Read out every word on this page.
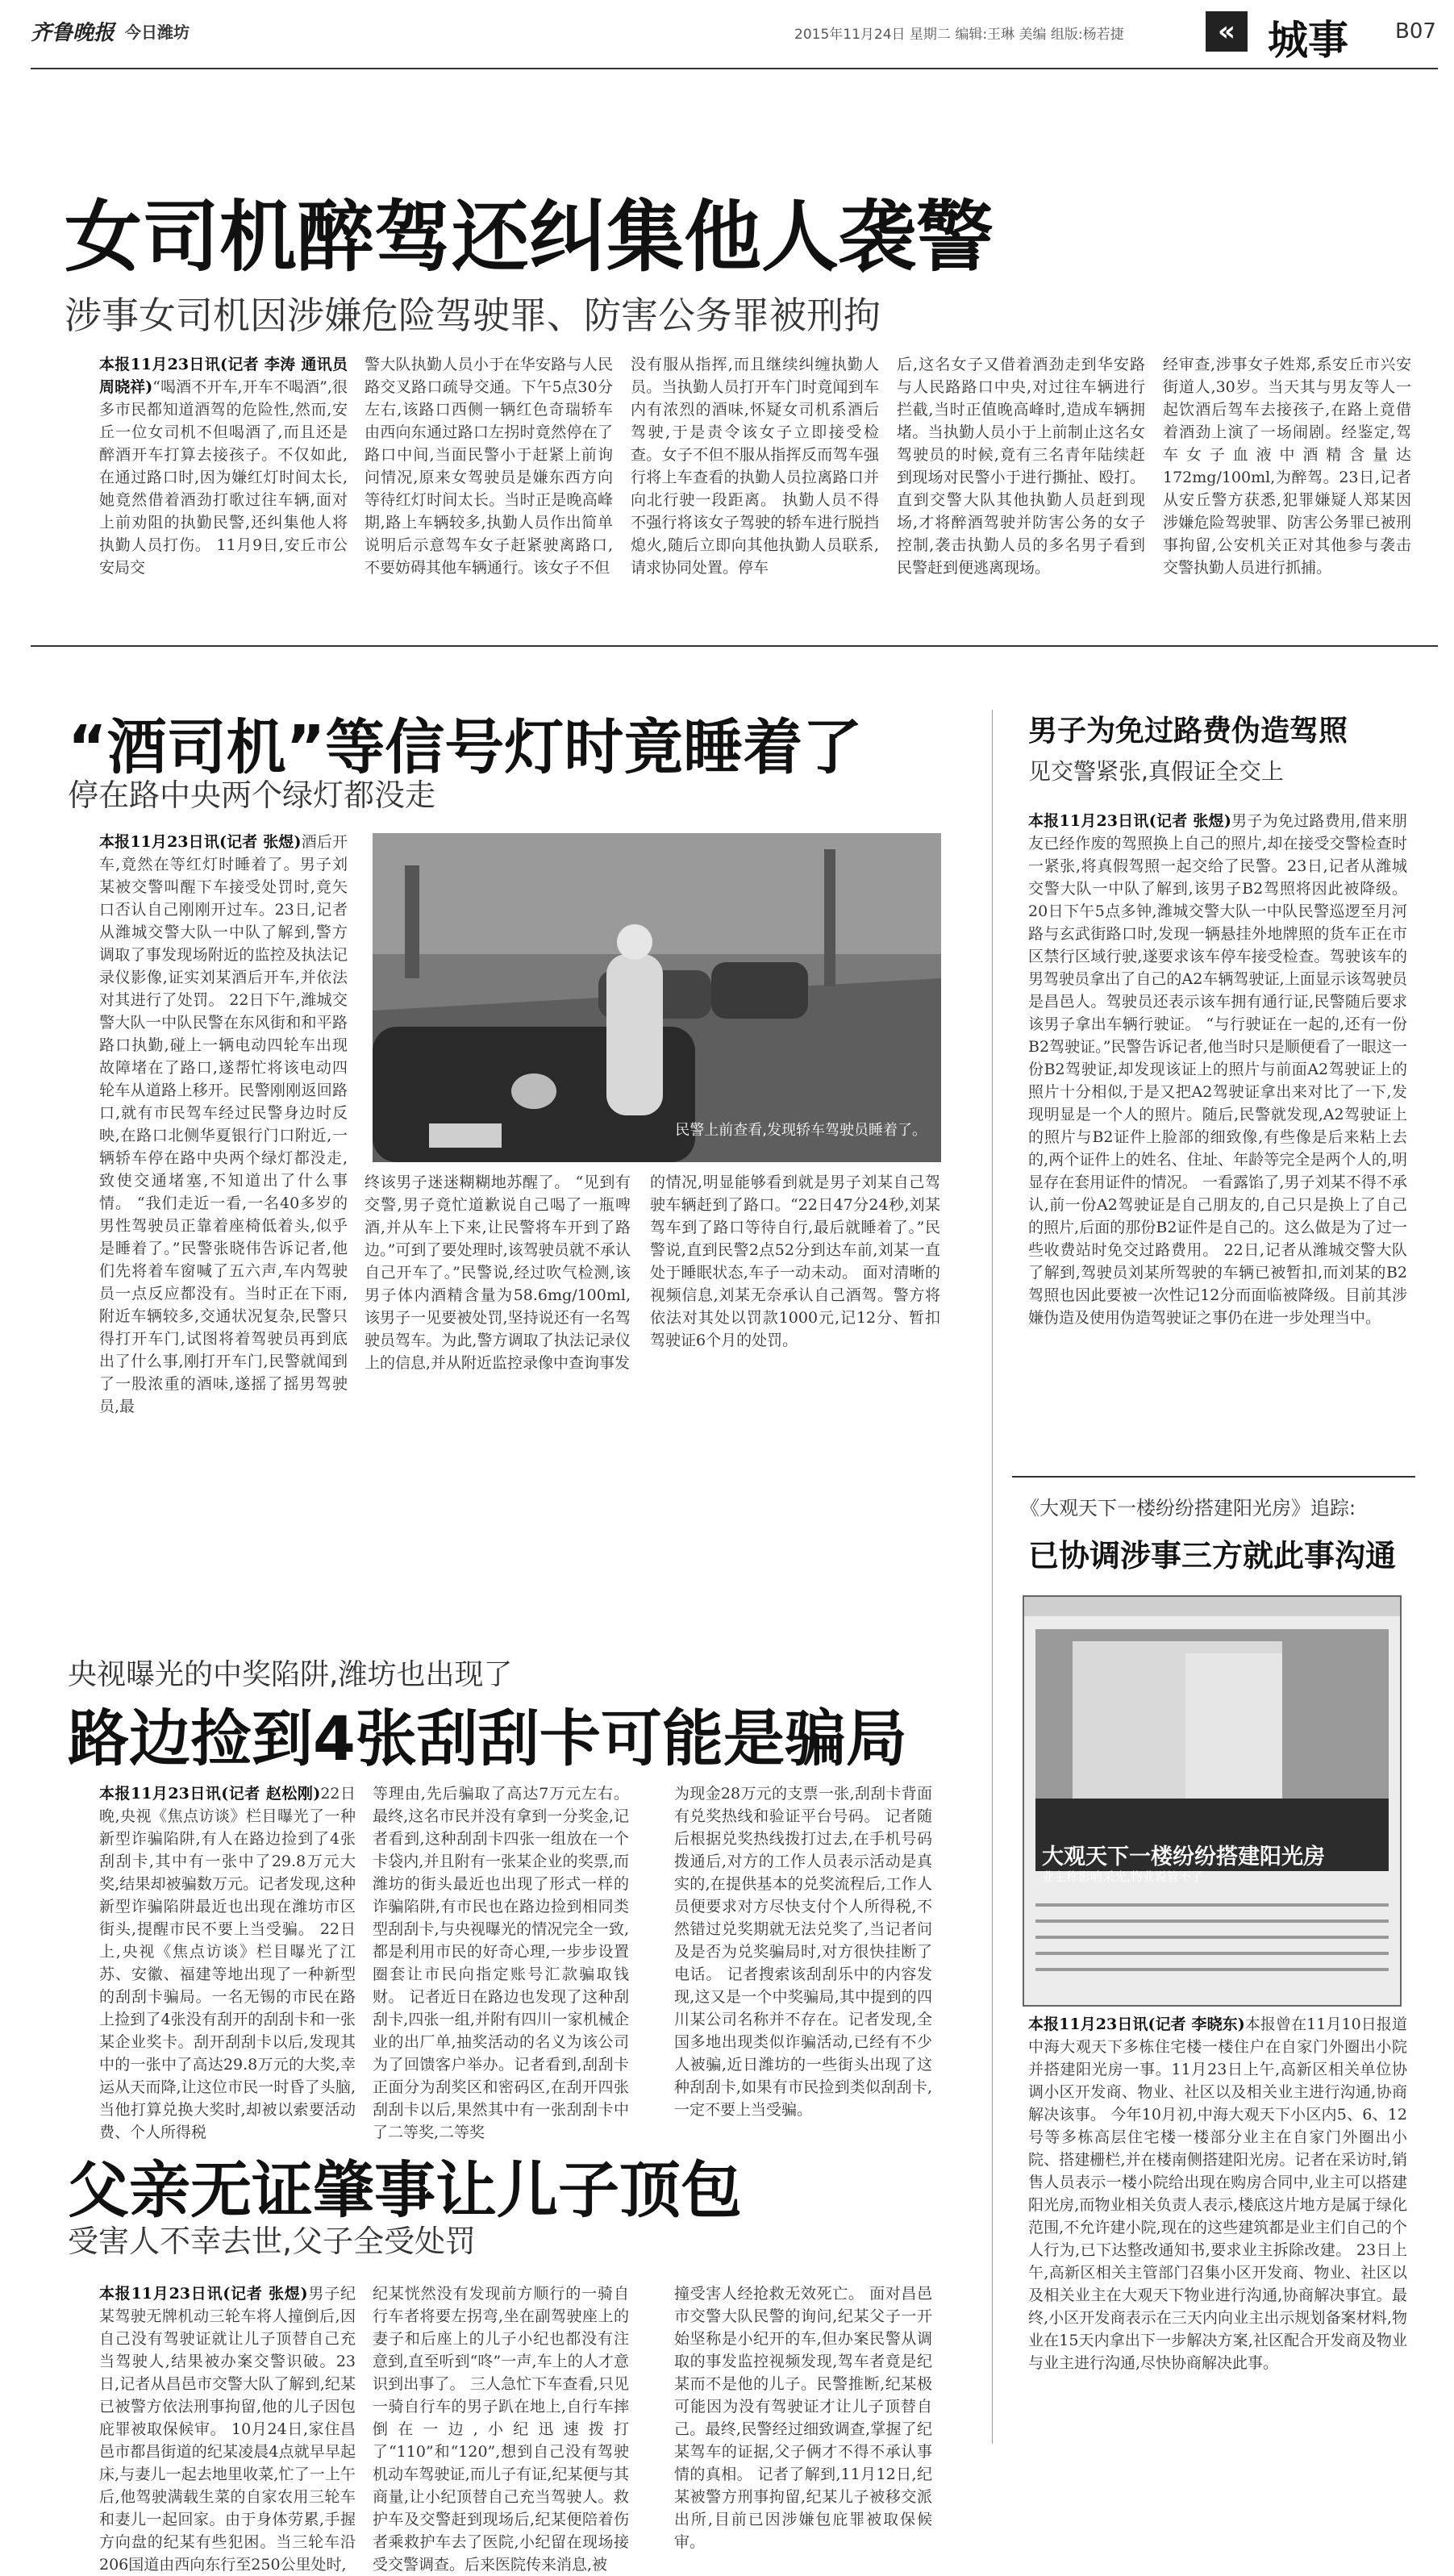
齐鲁晚报 今日潍坊	2015年11月24日 星期二 编辑:王琳 美编 组版:杨若捷	« 城事 B07
女司机醉驾还纠集他人袭警
涉事女司机因涉嫌危险驾驶罪、防害公务罪被刑拘
本报11月23日讯(记者 李涛 通讯员 周晓祥)“喝酒不开车,开车不喝酒”,很多市民都知道酒驾的危险性,然而,安丘一位女司机不但喝酒了,而且还是醉酒开车打算去接孩子。不仅如此,在通过路口时,因为嫌红灯时间太长,她竟然借着酒劲打歌过往车辆,面对上前劝阻的执勤民警,还纠集他人将执勤人员打伤。 11月9日,安丘市公安局交
警大队执勤人员小于在华安路与人民路交叉路口疏导交通。下午5点30分左右,该路口西侧一辆红色奇瑞轿车由西向东通过路口左拐时竟然停在了路口中间,当面民警小于赶紧上前询问情况,原来女驾驶员是嫌东西方向等待红灯时间太长。当时正是晚高峰期,路上车辆较多,执勤人员作出简单说明后示意驾车女子赶紧驶离路口,不要妨碍其他车辆通行。该女子不但
没有服从指挥,而且继续纠缠执勤人员。当执勤人员打开车门时竟闻到车内有浓烈的酒味,怀疑女司机系酒后驾驶,于是责令该女子立即接受检查。女子不但不服从指挥反而驾车强行将上车查看的执勤人员拉离路口并向北行驶一段距离。 执勤人员不得不强行将该女子驾驶的轿车进行脱挡熄火,随后立即向其他执勤人员联系,请求协同处置。停车
后,这名女子又借着酒劲走到华安路与人民路路口中央,对过往车辆进行拦截,当时正值晚高峰时,造成车辆拥堵。当执勤人员小于上前制止这名女驾驶员的时候,竟有三名青年陆续赶到现场对民警小于进行撕扯、殴打。直到交警大队其他执勤人员赶到现场,才将醉酒驾驶并防害公务的女子控制,袭击执勤人员的多名男子看到民警赶到便逃离现场。
经审查,涉事女子姓郑,系安丘市兴安街道人,30岁。当天其与男友等人一起饮酒后驾车去接孩子,在路上竟借着酒劲上演了一场闹剧。经鉴定,驾车女子血液中酒精含量达172mg/100ml,为醉驾。23日,记者从安丘警方获悉,犯罪嫌疑人郑某因涉嫌危险驾驶罪、防害公务罪已被刑事拘留,公安机关正对其他参与袭击交警执勤人员进行抓捕。
“酒司机”等信号灯时竟睡着了
停在路中央两个绿灯都没走
本报11月23日讯(记者 张煜)酒后开车,竟然在等红灯时睡着了。男子刘某被交警叫醒下车接受处罚时,竟矢口否认自己刚刚开过车。23日,记者从潍城交警大队一中队了解到,警方调取了事发现场附近的监控及执法记录仪影像,证实刘某酒后开车,并依法对其进行了处罚。 22日下午,潍城交警大队一中队民警在东风街和和平路路口执勤,碰上一辆电动四轮车出现故障堵在了路口,遂帮忙将该电动四轮车从道路上移开。民警刚刚返回路口,就有市民驾车经过民警身边时反映,在路口北侧华夏银行门口附近,一辆轿车停在路中央两个绿灯都没走,致使交通堵塞,不知道出了什么事情。 “我们走近一看,一名40多岁的男性驾驶员正靠着座椅低着头,似乎是睡着了。”民警张晓伟告诉记者,他们先将着车窗喊了五六声,车内驾驶员一点反应都没有。当时正在下雨,附近车辆较多,交通状况复杂,民警只得打开车门,试图将着驾驶员再到底出了什么事,刚打开车门,民警就闻到了一股浓重的酒味,遂摇了摇男驾驶员,最
民警上前查看,发现轿车驾驶员睡着了。
终该男子迷迷糊糊地苏醒了。 “见到有交警,男子竟忙道歉说自己喝了一瓶啤酒,并从车上下来,让民警将车开到了路边。”可到了要处理时,该驾驶员就不承认自己开车了。”民警说,经过吹气检测,该男子体内酒精含量为58.6mg/100ml,该男子一见要被处罚,坚持说还有一名驾驶员驾车。为此,警方调取了执法记录仪上的信息,并从附近监控录像中查询事发
的情况,明显能够看到就是男子刘某自己驾驶车辆赶到了路口。“22日47分24秒,刘某驾车到了路口等待自行,最后就睡着了。”民警说,直到民警2点52分到达车前,刘某一直处于睡眠状态,车子一动未动。 面对清晰的视频信息,刘某无奈承认自己酒驾。警方将依法对其处以罚款1000元,记12分、暂扣驾驶证6个月的处罚。
央视曝光的中奖陷阱,潍坊也出现了
路边捡到4张刮刮卡可能是骗局
本报11月23日讯(记者 赵松刚)22日晚,央视《焦点访谈》栏目曝光了一种新型诈骗陷阱,有人在路边捡到了4张刮刮卡,其中有一张中了29.8万元大奖,结果却被骗数万元。记者发现,这种新型诈骗陷阱最近也出现在潍坊市区街头,提醒市民不要上当受骗。 22日上,央视《焦点访谈》栏目曝光了江苏、安徽、福建等地出现了一种新型的刮刮卡骗局。一名无锡的市民在路上捡到了4张没有刮开的刮刮卡和一张某企业奖卡。刮开刮刮卡以后,发现其中的一张中了高达29.8万元的大奖,幸运从天而降,让这位市民一时昏了头脑,当他打算兑换大奖时,却被以索要活动费、个人所得税
等理由,先后骗取了高达7万元左右。 最终,这名市民并没有拿到一分奖金,记者看到,这种刮刮卡四张一组放在一个卡袋内,并且附有一张某企业的奖票,而潍坊的街头最近也出现了形式一样的诈骗陷阱,有市民也在路边捡到相同类型刮刮卡,与央视曝光的情况完全一致,都是利用市民的好奇心理,一步步设置圈套让市民向指定账号汇款骗取钱财。 记者近日在路边也发现了这种刮刮卡,四张一组,并附有四川一家机械企业的出厂单,抽奖活动的名义为该公司为了回馈客户举办。记者看到,刮刮卡正面分为刮奖区和密码区,在刮开四张刮刮卡以后,果然其中有一张刮刮卡中了二等奖,二等奖
为现金28万元的支票一张,刮刮卡背面有兑奖热线和验证平台号码。 记者随后根据兑奖热线拨打过去,在手机号码拨通后,对方的工作人员表示活动是真实的,在提供基本的兑奖流程后,工作人员便要求对方尽快支付个人所得税,不然错过兑奖期就无法兑奖了,当记者问及是否为兑奖骗局时,对方很快挂断了电话。 记者搜索该刮刮乐中的内容发现,这又是一个中奖骗局,其中提到的四川某公司名称并不存在。记者发现,全国多地出现类似诈骗活动,已经有不少人被骗,近日潍坊的一些街头出现了这种刮刮卡,如果有市民捡到类似刮刮卡,一定不要上当受骗。
父亲无证肇事让儿子顶包
受害人不幸去世,父子全受处罚
本报11月23日讯(记者 张煜)男子纪某驾驶无牌机动三轮车将人撞倒后,因自己没有驾驶证就让儿子顶替自己充当驾驶人,结果被办案交警识破。23日,记者从昌邑市交警大队了解到,纪某已被警方依法刑事拘留,他的儿子因包庇罪被取保候审。 10月24日,家住昌邑市都昌街道的纪某凌晨4点就早早起床,与妻儿一起去地里收菜,忙了一上午后,他驾驶满载生菜的自家农用三轮车和妻儿一起回家。由于身体劳累,手握方向盘的纪某有些犯困。当三轮车沿206国道由西向东行至250公里处时,
纪某恍然没有发现前方顺行的一骑自行车者将要左拐弯,坐在副驾驶座上的妻子和后座上的儿子小纪也都没有注意到,直至听到“咚”一声,车上的人才意识到出事了。 三人急忙下车查看,只见一骑自行车的男子趴在地上,自行车摔倒在一边,小纪迅速拨打了“110”和“120”,想到自己没有驾驶机动车驾驶证,而儿子有证,纪某便与其商量,让小纪顶替自己充当驾驶人。救护车及交警赶到现场后,纪某便陪着伤者乘救护车去了医院,小纪留在现场接受交警调查。后来医院传来消息,被
撞受害人经抢救无效死亡。 面对昌邑市交警大队民警的询问,纪某父子一开始坚称是小纪开的车,但办案民警从调取的事发监控视频发现,驾车者竟是纪某而不是他的儿子。民警推断,纪某极可能因为没有驾驶证才让儿子顶替自己。最终,民警经过细致调查,掌握了纪某驾车的证据,父子俩才不得不承认事情的真相。 记者了解到,11月12日,纪某被警方刑事拘留,纪某儿子被移交派出所,目前已因涉嫌包庇罪被取保候审。
男子为免过路费伪造驾照
见交警紧张,真假证全交上
本报11月23日讯(记者 张煜)男子为免过路费用,借来朋友已经作废的驾照换上自己的照片,却在接受交警检查时一紧张,将真假驾照一起交给了民警。23日,记者从潍城交警大队一中队了解到,该男子B2驾照将因此被降级。 20日下午5点多钟,潍城交警大队一中队民警巡逻至月河路与玄武街路口时,发现一辆悬挂外地牌照的货车正在市区禁行区域行驶,遂要求该车停车接受检查。驾驶该车的男驾驶员拿出了自己的A2车辆驾驶证,上面显示该驾驶员是昌邑人。驾驶员还表示该车拥有通行证,民警随后要求该男子拿出车辆行驶证。 “与行驶证在一起的,还有一份B2驾驶证。”民警告诉记者,他当时只是顺便看了一眼这一份B2驾驶证,却发现该证上的照片与前面A2驾驶证上的照片十分相似,于是又把A2驾驶证拿出来对比了一下,发现明显是一个人的照片。随后,民警就发现,A2驾驶证上的照片与B2证件上脸部的细致像,有些像是后来粘上去的,两个证件上的姓名、住址、年龄等完全是两个人的,明显存在套用证件的情况。 一看露馅了,男子刘某不得不承认,前一份A2驾驶证是自己朋友的,自己只是换上了自己的照片,后面的那份B2证件是自己的。这么做是为了过一些收费站时免交过路费用。 22日,记者从潍城交警大队了解到,驾驶员刘某所驾驶的车辆已被暂扣,而刘某的B2驾照也因此要被一次性记12分而面临被降级。目前其涉嫌伪造及使用伪造驾驶证之事仍在进一步处理当中。
《大观天下一楼纷纷搭建阳光房》追踪:
已协调涉事三方就此事沟通
大观天下一楼纷纷搭建阳光房
业主称影响采光,物业说管不了
本报11月23日讯(记者 李晓东)本报曾在11月10日报道中海大观天下多栋住宅楼一楼住户在自家门外圈出小院并搭建阳光房一事。11月23日上午,高新区相关单位协调小区开发商、物业、社区以及相关业主进行沟通,协商解决该事。 今年10月初,中海大观天下小区内5、6、12号等多栋高层住宅楼一楼部分业主在自家门外圈出小院、搭建栅栏,并在楼南侧搭建阳光房。记者在采访时,销售人员表示一楼小院给出现在购房合同中,业主可以搭建阳光房,而物业相关负责人表示,楼底这片地方是属于绿化范围,不允许建小院,现在的这些建筑都是业主们自己的个人行为,已下达整改通知书,要求业主拆除改建。 23日上午,高新区相关主管部门召集小区开发商、物业、社区以及相关业主在大观天下物业进行沟通,协商解决事宜。最终,小区开发商表示在三天内向业主出示规划备案材料,物业在15天内拿出下一步解决方案,社区配合开发商及物业与业主进行沟通,尽快协商解决此事。
